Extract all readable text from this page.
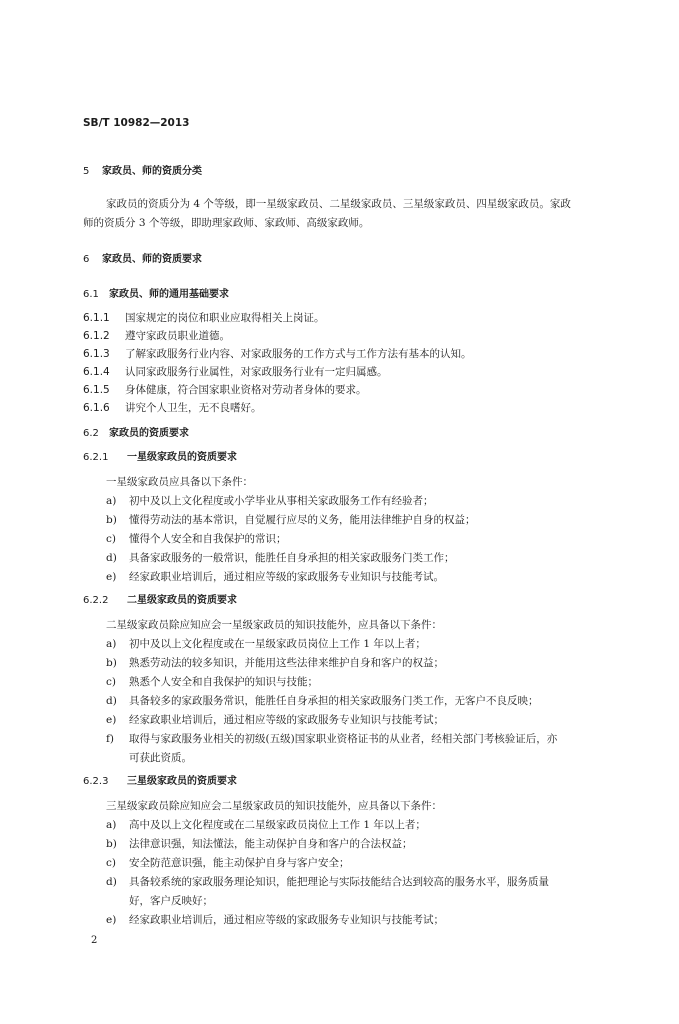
SB/T 10982—2013
5 家政员、师的资质分类
家政员的资质分为 4 个等级，即一星级家政员、二星级家政员、三星级家政员、四星级家政员。家政
师的资质分 3 个等级，即助理家政师、家政师、高级家政师。
6 家政员、师的资质要求
6.1 家政员、师的通用基础要求
6.1.1 国家规定的岗位和职业应取得相关上岗证。
6.1.2 遵守家政员职业道德。
6.1.3 了解家政服务行业内容、对家政服务的工作方式与工作方法有基本的认知。
6.1.4 认同家政服务行业属性，对家政服务行业有一定归属感。
6.1.5 身体健康，符合国家职业资格对劳动者身体的要求。
6.1.6 讲究个人卫生，无不良嗜好。
6.2 家政员的资质要求
6.2.1 一星级家政员的资质要求
一星级家政员应具备以下条件：
a) 初中及以上文化程度或小学毕业从事相关家政服务工作有经验者；
b) 懂得劳动法的基本常识，自觉履行应尽的义务，能用法律维护自身的权益；
c) 懂得个人安全和自我保护的常识；
d) 具备家政服务的一般常识，能胜任自身承担的相关家政服务门类工作；
e) 经家政职业培训后，通过相应等级的家政服务专业知识与技能考试。
6.2.2 二星级家政员的资质要求
二星级家政员除应知应会一星级家政员的知识技能外，应具备以下条件：
a) 初中及以上文化程度或在一星级家政员岗位上工作 1 年以上者；
b) 熟悉劳动法的较多知识，并能用这些法律来维护自身和客户的权益；
c) 熟悉个人安全和自我保护的知识与技能；
d) 具备较多的家政服务常识，能胜任自身承担的相关家政服务门类工作，无客户不良反映；
e) 经家政职业培训后，通过相应等级的家政服务专业知识与技能考试；
f) 取得与家政服务业相关的初级(五级)国家职业资格证书的从业者，经相关部门考核验证后，亦
可获此资质。
6.2.3 三星级家政员的资质要求
三星级家政员除应知应会二星级家政员的知识技能外，应具备以下条件：
a) 高中及以上文化程度或在二星级家政员岗位上工作 1 年以上者；
b) 法律意识强，知法懂法，能主动保护自身和客户的合法权益；
c) 安全防范意识强，能主动保护自身与客户安全；
d) 具备较系统的家政服务理论知识，能把理论与实际技能结合达到较高的服务水平，服务质量
好，客户反映好；
e) 经家政职业培训后，通过相应等级的家政服务专业知识与技能考试；
2
